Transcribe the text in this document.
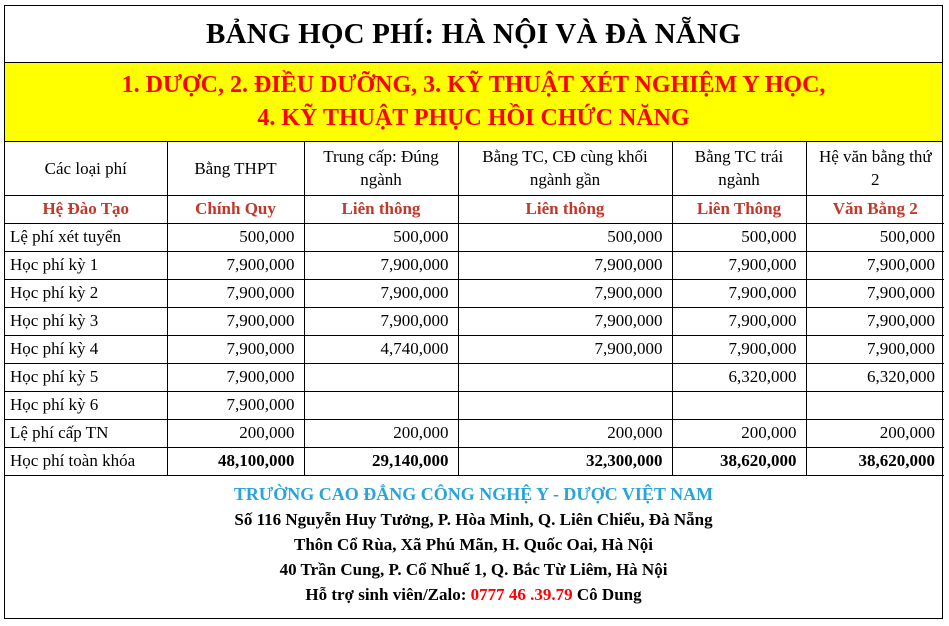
BẢNG HỌC PHÍ: HÀ NỘI VÀ ĐÀ NẴNG
1. DƯỢC, 2. ĐIỀU DƯỠNG, 3. KỸ THUẬT XÉT NGHIỆM Y HỌC,
4. KỸ THUẬT PHỤC HỒI CHỨC NĂNG
Các loại phí	Bằng THPT	Trung cấp: Đúng ngành	Bằng TC, CĐ cùng khối ngành gần	Bằng TC trái ngành	Hệ văn bằng thứ 2
Hệ Đào Tạo	Chính Quy	Liên thông	Liên thông	Liên Thông	Văn Bằng 2
Lệ phí xét tuyển	500,000	500,000	500,000	500,000	500,000
Học phí kỳ 1	7,900,000	7,900,000	7,900,000	7,900,000	7,900,000
Học phí kỳ 2	7,900,000	7,900,000	7,900,000	7,900,000	7,900,000
Học phí kỳ 3	7,900,000	7,900,000	7,900,000	7,900,000	7,900,000
Học phí kỳ 4	7,900,000	4,740,000	7,900,000	7,900,000	7,900,000
Học phí kỳ 5	7,900,000			6,320,000	6,320,000
Học phí kỳ 6	7,900,000				
Lệ phí cấp TN	200,000	200,000	200,000	200,000	200,000
Học phí toàn khóa	48,100,000	29,140,000	32,300,000	38,620,000	38,620,000
TRƯỜNG CAO ĐẲNG CÔNG NGHỆ Y - DƯỢC VIỆT NAM
Số 116 Nguyễn Huy Tưởng, P. Hòa Minh, Q. Liên Chiểu, Đà Nẵng
Thôn Cổ Rùa, Xã Phú Mãn, H. Quốc Oai, Hà Nội
40 Trần Cung, P. Cổ Nhuế 1, Q. Bắc Từ Liêm, Hà Nội
Hỗ trợ sinh viên/Zalo: 0777 46 .39.79 Cô Dung
